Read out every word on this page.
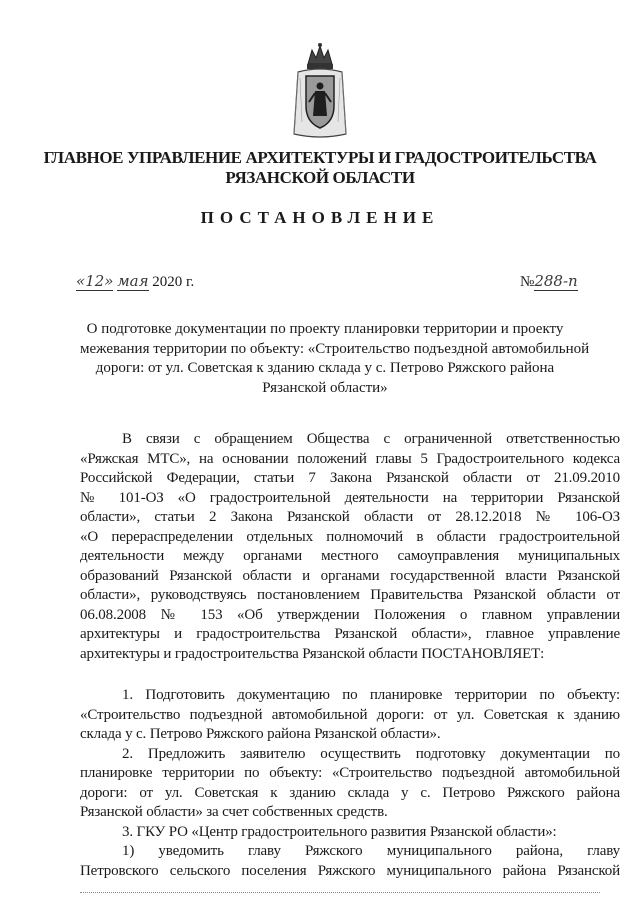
ГЛАВНОЕ УПРАВЛЕНИЕ АРХИТЕКТУРЫ И ГРАДОСТРОИТЕЛЬСТВА
РЯЗАНСКОЙ ОБЛАСТИ
ПОСТАНОВЛЕНИЕ
«12» мая 2020 г.	№288-п
О подготовке документации по проекту планировки территории и проекту
межевания территории по объекту: «Строительство подъездной автомобильной
дороги: от ул. Советская к зданию склада у с. Петрово Ряжского района
Рязанской области»
В связи с обращением Общества с ограниченной ответственностью
«Ряжская МТС», на основании положений главы 5 Градостроительного кодекса
Российской Федерации, статьи 7 Закона Рязанской области от 21.09.2010
№ 101-ОЗ «О градостроительной деятельности на территории Рязанской
области», статьи 2 Закона Рязанской области от 28.12.2018 № 106-ОЗ
«О перераспределении отдельных полномочий в области градостроительной
деятельности между органами местного самоуправления муниципальных
образований Рязанской области и органами государственной власти Рязанской
области», руководствуясь постановлением Правительства Рязанской области от
06.08.2008 № 153 «Об утверждении Положения о главном управлении
архитектуры и градостроительства Рязанской области», главное управление
архитектуры и градостроительства Рязанской области ПОСТАНОВЛЯЕТ:
1. Подготовить документацию по планировке территории по объекту:
«Строительство подъездной автомобильной дороги: от ул. Советская к зданию
склада у с. Петрово Ряжского района Рязанской области».
2. Предложить заявителю осуществить подготовку документации по
планировке территории по объекту: «Строительство подъездной автомобильной
дороги: от ул. Советская к зданию склада у с. Петрово Ряжского района
Рязанской области» за счет собственных средств.
3. ГКУ РО «Центр градостроительного развития Рязанской области»:
1) уведомить главу Ряжского муниципального района, главу
Петровского сельского поселения Ряжского муниципального района Рязанской
